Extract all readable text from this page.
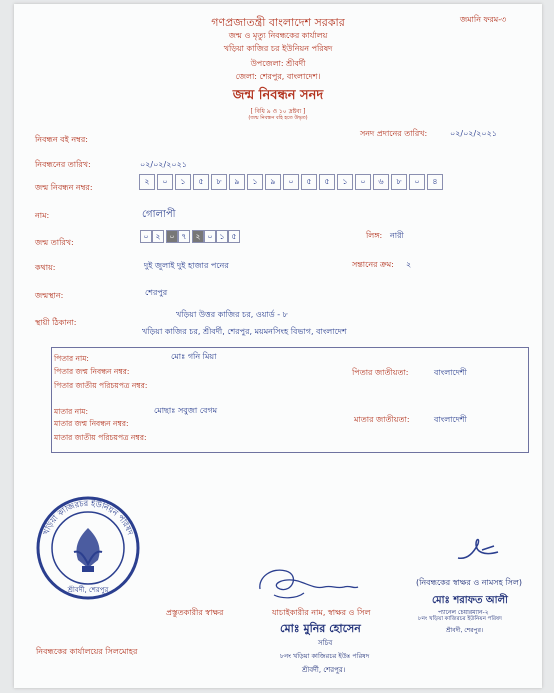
গণপ্রজাতন্ত্রী বাংলাদেশ সরকার	জমানি ফরম-৩
জন্ম ও মৃত্যু নিবন্ধকের কার্যালয়
খড়িয়া কাজির চর ইউনিয়ন পরিষদ
উপজেলা: শ্রীবর্দী
জেলা: শেরপুর, বাংলাদেশ।
জন্ম নিবন্ধন সনদ
[ বিধি ৯ ও ১০ দ্রষ্টব্য ]
(জন্ম নিবন্ধন বহি হতে উদ্ধৃত)
নিবন্ধন বই নম্বর:
সনদ প্রদানের তারিখ:	০২/০২/২০২১
নিবন্ধনের তারিখ:	০২/০২/২০২১
জন্ম নিবন্ধন নম্বর:
২	০	১	৫	৮	৯	১	৯	০	৫	৫	১	০	৬	৮	০	৪
নাম:	গোলাপী
জন্ম তারিখ:
০ ২	০ ৭	২ ০ ১ ৫	লিঙ্গ: নারী
কথায়:	দুই জুলাই দুই হাজার পনের	সন্তানের ক্রম: ২
জন্মস্থান:	শেরপুর
স্থায়ী ঠিকানা:
খড়িয়া উত্তর কাজির চর, ওয়ার্ড - ৮
খড়িয়া কাজির চর, শ্রীবর্দী, শেরপুর, ময়মনসিংহ বিভাগ, বাংলাদেশ
পিতার নাম:	মোঃ গনি মিয়া
পিতার জন্ম নিবন্ধন নম্বর:	পিতার জাতীয়তা:	বাংলাদেশী
পিতার জাতীয় পরিচয়পত্র নম্বর:
মাতার নাম:	মোছাঃ সবুজা বেগম
মাতার জন্ম নিবন্ধন নম্বর:	মাতার জাতীয়তা:	বাংলাদেশী
মাতার জাতীয় পরিচয়পত্র নম্বর:
খড়িয়া কাজিরচর ইউনিয়ন পরিষদ
শ্রীবর্দী, শেরপুর
(নিবন্ধকের স্বাক্ষর ও নামসহ সিল)
মোঃ শরাফত আলী
প্যানেল চেয়ারম্যান-২
৮নং খড়িয়া কাজিরচর ইউনিয়ন পরিষদ
শ্রীবর্দী, শেরপুর।
প্রস্তুতকারীর স্বাক্ষর	যাচাইকারীর নাম, স্বাক্ষর ও সিল
মোঃ মুনির হোসেন
সচিব
৮নং খড়িয়া কাজিরচর ইউঃ পরিষদ
শ্রীবর্দী, শেরপুর।
নিবন্ধকের কার্যালয়ের সিলমোহর
